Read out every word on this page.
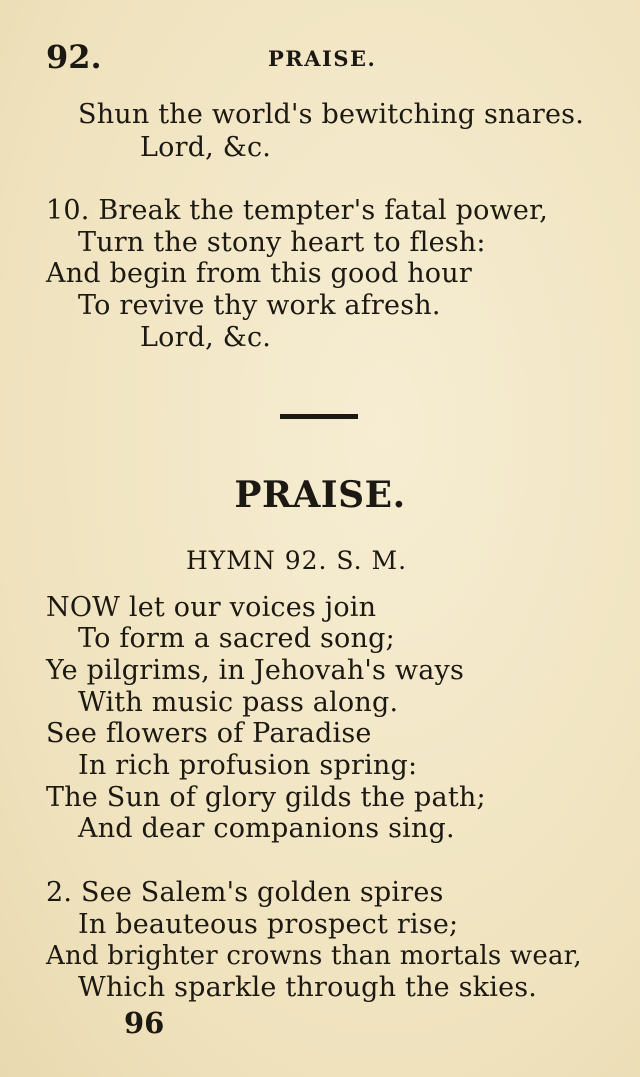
92.	PRAISE.
Shun the world's bewitching snares.
Lord, &c.
10. Break the tempter's fatal power,
Turn the stony heart to flesh:
And begin from this good hour
To revive thy work afresh.
Lord, &c.
PRAISE.
HYMN 92. S. M.
NOW let our voices join
To form a sacred song;
Ye pilgrims, in Jehovah's ways
With music pass along.
See flowers of Paradise
In rich profusion spring:
The Sun of glory gilds the path;
And dear companions sing.
2. See Salem's golden spires
In beauteous prospect rise;
And brighter crowns than mortals wear,
Which sparkle through the skies.
96
